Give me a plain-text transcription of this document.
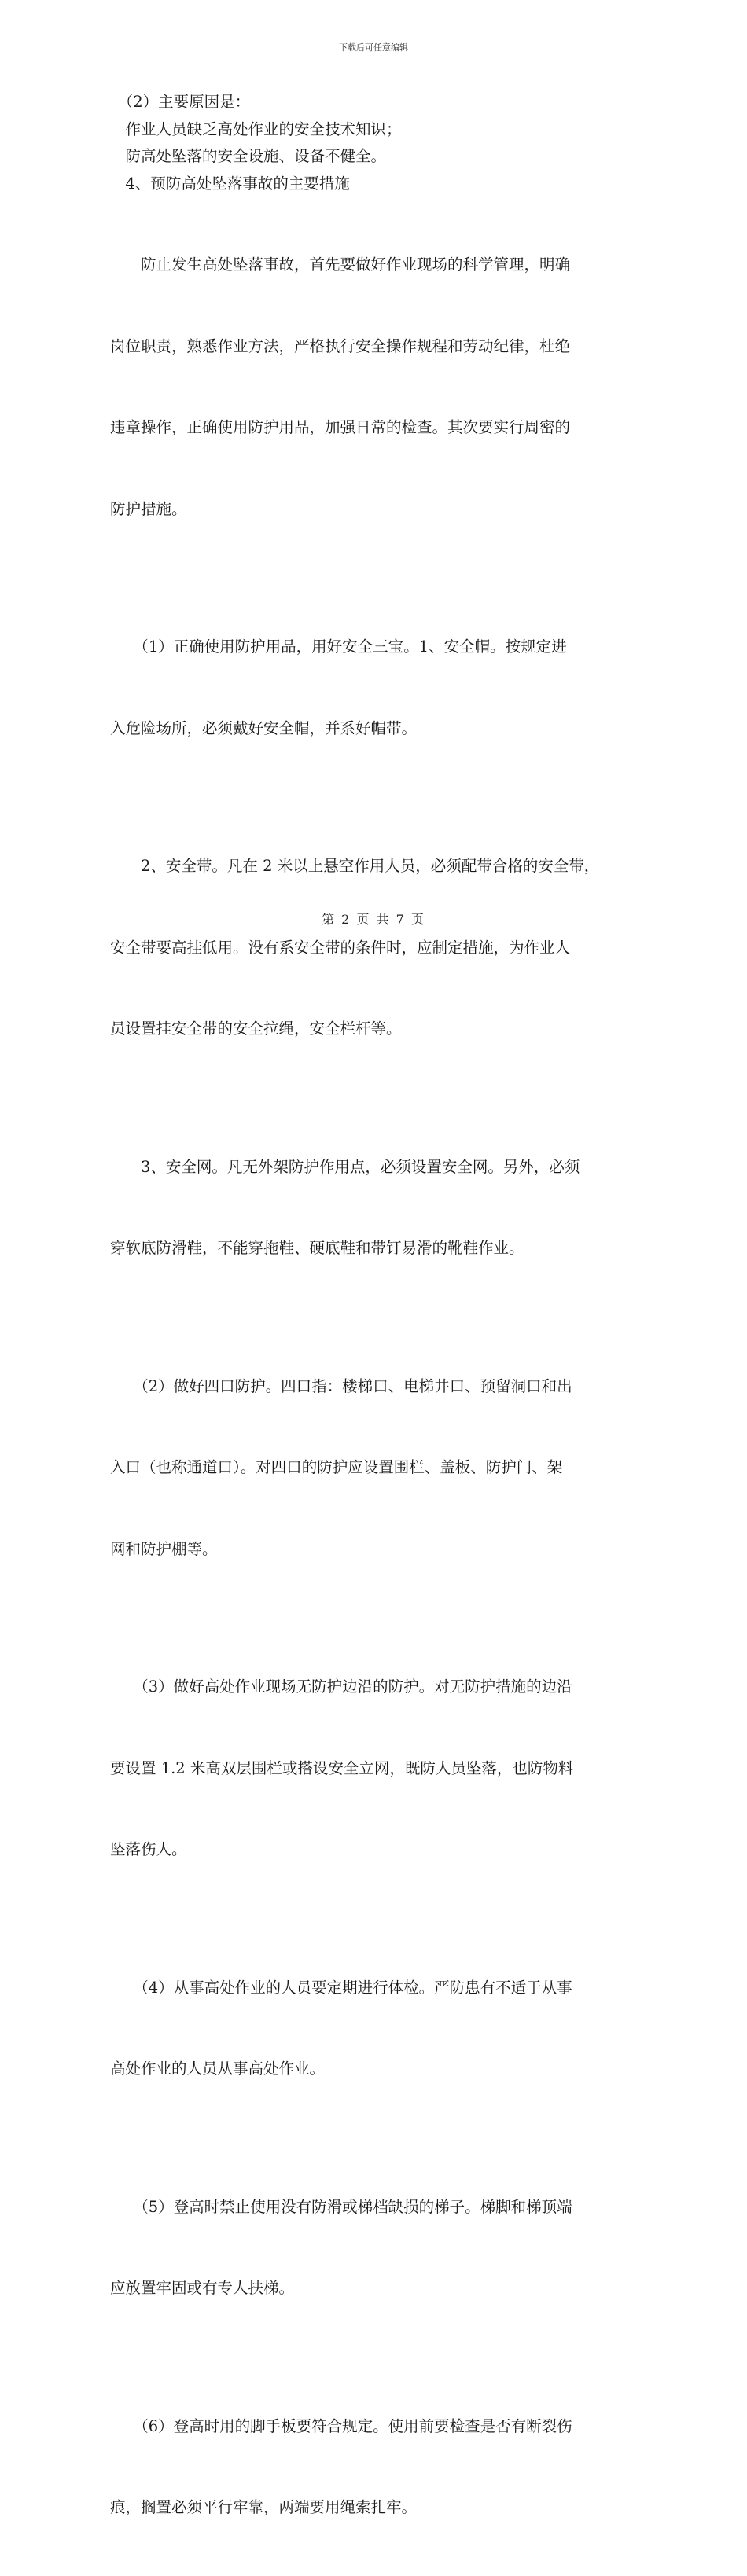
下载后可任意编辑

　（2）主要原因是：

　作业人员缺乏高处作业的安全技术知识；

　防高处坠落的安全设施、设备不健全。

　4、预防高处坠落事故的主要措施

　　防止发生高处坠落事故，首先要做好作业现场的科学管理，明确

岗位职责，熟悉作业方法，严格执行安全操作规程和劳动纪律，杜绝

违章操作，正确使用防护用品，加强日常的检查。其次要实行周密的

防护措施。

　　（1）正确使用防护用品，用好安全三宝。1、安全帽。按规定进

入危险场所，必须戴好安全帽，并系好帽带。

　　2、安全带。凡在 2 米以上悬空作用人员，必须配带合格的安全带，

安全带要高挂低用。没有系安全带的条件时，应制定措施，为作业人

员设置挂安全带的安全拉绳，安全栏杆等。

　　3、安全网。凡无外架防护作用点，必须设置安全网。另外，必须

穿软底防滑鞋，不能穿拖鞋、硬底鞋和带钉易滑的靴鞋作业。

　　（2）做好四口防护。四口指：楼梯口、电梯井口、预留洞口和出

入口（也称通道口）。对四口的防护应设置围栏、盖板、防护门、架

网和防护棚等。

　　（3）做好高处作业现场无防护边沿的防护。对无防护措施的边沿

要设置 1.2 米高双层围栏或搭设安全立网，既防人员坠落，也防物料

坠落伤人。

　　（4）从事高处作业的人员要定期进行体检。严防患有不适于从事

高处作业的人员从事高处作业。

　　（5）登高时禁止使用没有防滑或梯档缺损的梯子。梯脚和梯顶端

应放置牢固或有专人扶梯。

　　（6）登高时用的脚手板要符合规定。使用前要检查是否有断裂伤

痕，搁置必须平行牢靠，两端要用绳索扎牢。

第 2 页 共 7 页
